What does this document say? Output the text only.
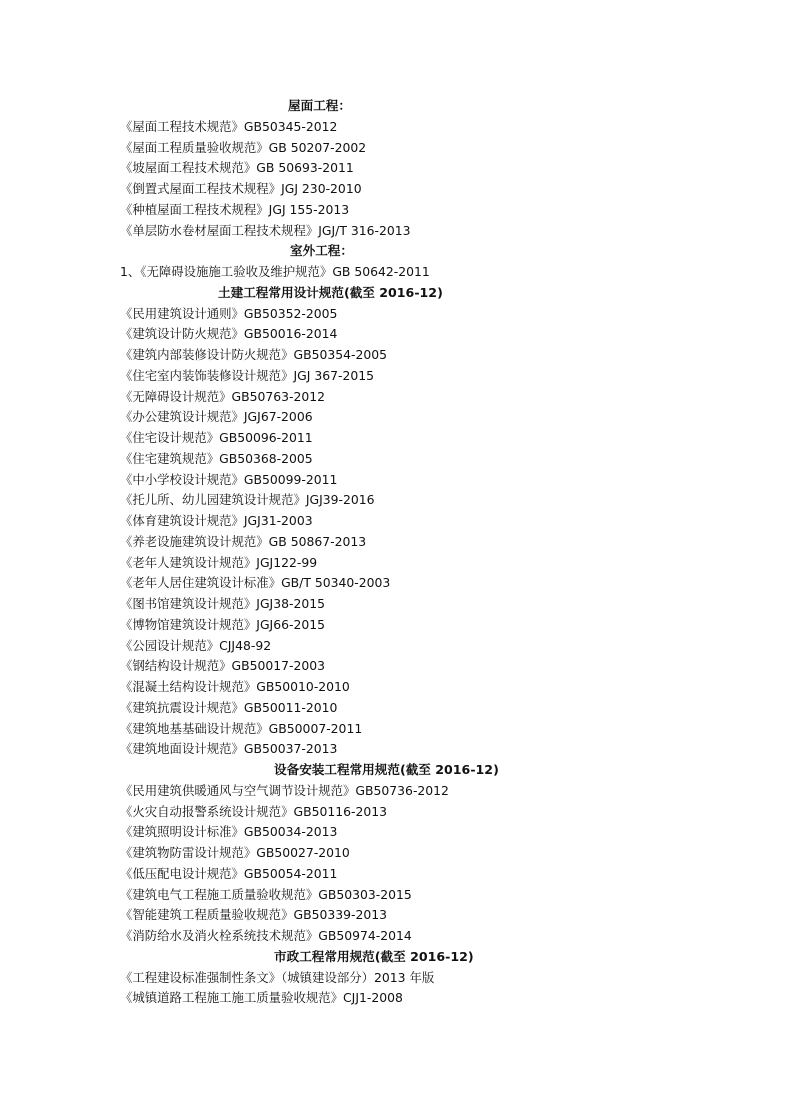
屋面工程：
《屋面工程技术规范》GB50345-2012
《屋面工程质量验收规范》GB 50207-2002
《坡屋面工程技术规范》GB 50693-2011
《倒置式屋面工程技术规程》JGJ 230-2010
《种植屋面工程技术规程》JGJ 155-2013
《单层防水卷材屋面工程技术规程》JGJ/T 316-2013
室外工程：
1、《无障碍设施施工验收及维护规范》GB 50642-2011
土建工程常用设计规范(截至 2016-12)
《民用建筑设计通则》GB50352-2005
《建筑设计防火规范》GB50016-2014
《建筑内部装修设计防火规范》GB50354-2005
《住宅室内装饰装修设计规范》JGJ 367-2015
《无障碍设计规范》GB50763-2012
《办公建筑设计规范》JGJ67-2006
《住宅设计规范》GB50096-2011
《住宅建筑规范》GB50368-2005
《中小学校设计规范》GB50099-2011
《托儿所、幼儿园建筑设计规范》JGJ39-2016
《体育建筑设计规范》JGJ31-2003
《养老设施建筑设计规范》GB 50867-2013
《老年人建筑设计规范》JGJ122-99
《老年人居住建筑设计标准》GB/T 50340-2003
《图书馆建筑设计规范》JGJ38-2015
《博物馆建筑设计规范》JGJ66-2015
《公园设计规范》CJJ48-92
《钢结构设计规范》GB50017-2003
《混凝土结构设计规范》GB50010-2010
《建筑抗震设计规范》GB50011-2010
《建筑地基基础设计规范》GB50007-2011
《建筑地面设计规范》GB50037-2013
设备安装工程常用规范(截至 2016-12)
《民用建筑供暖通风与空气调节设计规范》GB50736-2012
《火灾自动报警系统设计规范》GB50116-2013
《建筑照明设计标准》GB50034-2013
《建筑物防雷设计规范》GB50027-2010
《低压配电设计规范》GB50054-2011
《建筑电气工程施工质量验收规范》GB50303-2015
《智能建筑工程质量验收规范》GB50339-2013
《消防给水及消火栓系统技术规范》GB50974-2014
市政工程常用规范(截至 2016-12)
《工程建设标准强制性条文》（城镇建设部分）2013 年版
《城镇道路工程施工施工质量验收规范》CJJ1-2008
